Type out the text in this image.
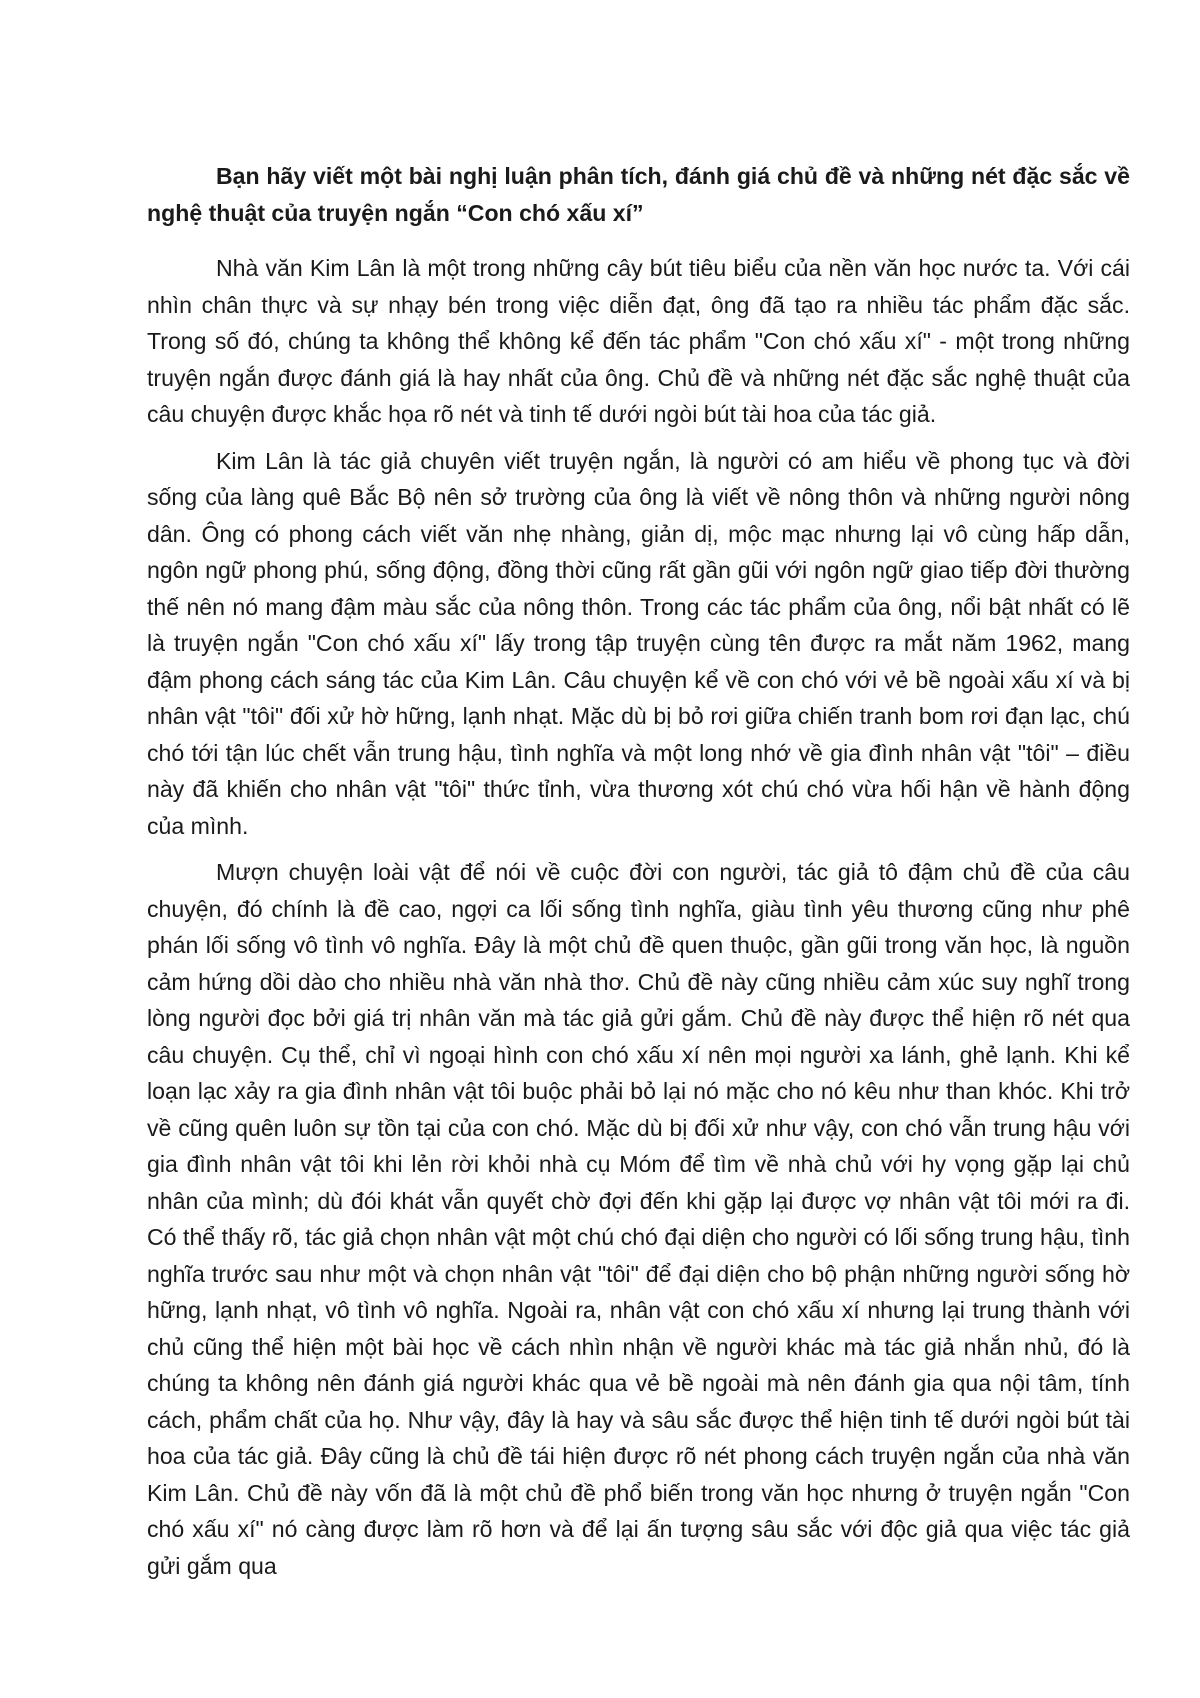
Bạn hãy viết một bài nghị luận phân tích, đánh giá chủ đề và những nét đặc sắc về nghệ thuật của truyện ngắn “Con chó xấu xí”

Nhà văn Kim Lân là một trong những cây bút tiêu biểu của nền văn học nước ta. Với cái nhìn chân thực và sự nhạy bén trong việc diễn đạt, ông đã tạo ra nhiều tác phẩm đặc sắc. Trong số đó, chúng ta không thể không kể đến tác phẩm "Con chó xấu xí" - một trong những truyện ngắn được đánh giá là hay nhất của ông. Chủ đề và những nét đặc sắc nghệ thuật của câu chuyện được khắc họa rõ nét và tinh tế dưới ngòi bút tài hoa của tác giả.

Kim Lân là tác giả chuyên viết truyện ngắn, là người có am hiểu về phong tục và đời sống của làng quê Bắc Bộ nên sở trường của ông là viết về nông thôn và những người nông dân. Ông có phong cách viết văn nhẹ nhàng, giản dị, mộc mạc nhưng lại vô cùng hấp dẫn, ngôn ngữ phong phú, sống động, đồng thời cũng rất gần gũi với ngôn ngữ giao tiếp đời thường thế nên nó mang đậm màu sắc của nông thôn. Trong các tác phẩm của ông, nổi bật nhất có lẽ là truyện ngắn "Con chó xấu xí" lấy trong tập truyện cùng tên được ra mắt năm 1962, mang đậm phong cách sáng tác của Kim Lân. Câu chuyện kể về con chó với vẻ bề ngoài xấu xí và bị nhân vật "tôi" đối xử hờ hững, lạnh nhạt. Mặc dù bị bỏ rơi giữa chiến tranh bom rơi đạn lạc, chú chó tới tận lúc chết vẫn trung hậu, tình nghĩa và một long nhớ về gia đình nhân vật "tôi" – điều này đã khiến cho nhân vật "tôi" thức tỉnh, vừa thương xót chú chó vừa hối hận về hành động của mình.

Mượn chuyện loài vật để nói về cuộc đời con người, tác giả tô đậm chủ đề của câu chuyện, đó chính là đề cao, ngợi ca lối sống tình nghĩa, giàu tình yêu thương cũng như phê phán lối sống vô tình vô nghĩa. Đây là một chủ đề quen thuộc, gần gũi trong văn học, là nguồn cảm hứng dồi dào cho nhiều nhà văn nhà thơ. Chủ đề này cũng nhiều cảm xúc suy nghĩ trong lòng người đọc bởi giá trị nhân văn mà tác giả gửi gắm. Chủ đề này được thể hiện rõ nét qua câu chuyện. Cụ thể, chỉ vì ngoại hình con chó xấu xí nên mọi người xa lánh, ghẻ lạnh. Khi kể loạn lạc xảy ra gia đình nhân vật tôi buộc phải bỏ lại nó mặc cho nó kêu như than khóc. Khi trở về cũng quên luôn sự tồn tại của con chó. Mặc dù bị đối xử như vậy, con chó vẫn trung hậu với gia đình nhân vật tôi khi lẻn rời khỏi nhà cụ Móm để tìm về nhà chủ với hy vọng gặp lại chủ nhân của mình; dù đói khát vẫn quyết chờ đợi đến khi gặp lại được vợ nhân vật tôi mới ra đi. Có thể thấy rõ, tác giả chọn nhân vật một chú chó đại diện cho người có lối sống trung hậu, tình nghĩa trước sau như một và chọn nhân vật "tôi" để đại diện cho bộ phận những người sống hờ hững, lạnh nhạt, vô tình vô nghĩa. Ngoài ra, nhân vật con chó xấu xí nhưng lại trung thành với chủ cũng thể hiện một bài học về cách nhìn nhận về người khác mà tác giả nhắn nhủ, đó là chúng ta không nên đánh giá người khác qua vẻ bề ngoài mà nên đánh gia qua nội tâm, tính cách, phẩm chất của họ. Như vậy, đây là hay và sâu sắc được thể hiện tinh tế dưới ngòi bút tài hoa của tác giả. Đây cũng là chủ đề tái hiện được rõ nét phong cách truyện ngắn của nhà văn Kim Lân. Chủ đề này vốn đã là một chủ đề phổ biến trong văn học nhưng ở truyện ngắn "Con chó xấu xí" nó càng được làm rõ hơn và để lại ấn tượng sâu sắc với độc giả qua việc tác giả gửi gắm qua
